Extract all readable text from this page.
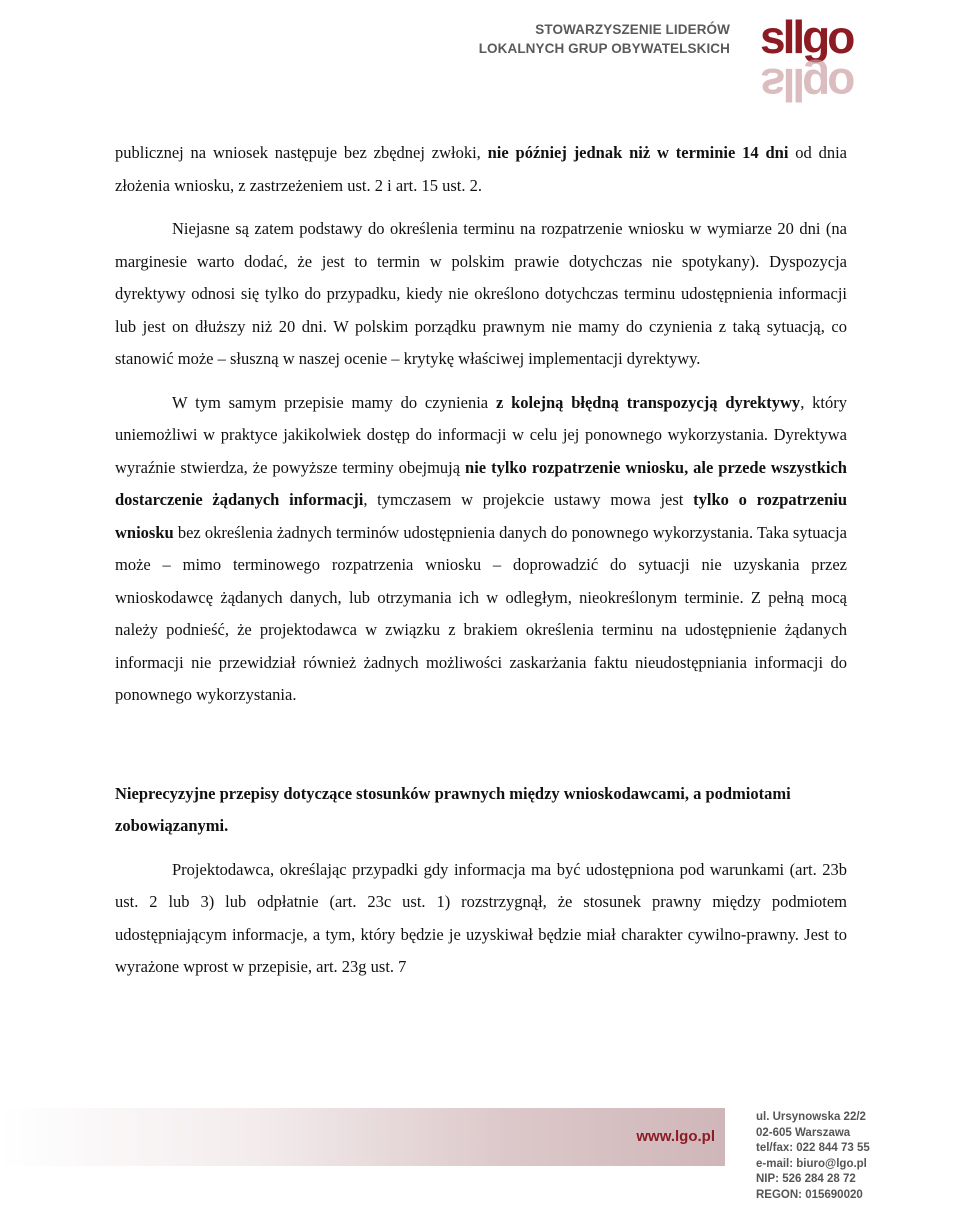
STOWARZYSZENIE LIDERÓW
LOKALNYCH GRUP OBYWATELSKICH sllgo
sllgo

publicznej na wniosek następuje bez zbędnej zwłoki, nie później jednak niż w terminie 14 dni od dnia złożenia wniosku, z zastrzeżeniem ust. 2 i art. 15 ust. 2.

Niejasne są zatem podstawy do określenia terminu na rozpatrzenie wniosku w wymiarze 20 dni (na marginesie warto dodać, że jest to termin w polskim prawie dotychczas nie spotykany). Dyspozycja dyrektywy odnosi się tylko do przypadku, kiedy nie określono dotychczas terminu udostępnienia informacji lub jest on dłuższy niż 20 dni. W polskim porządku prawnym nie mamy do czynienia z taką sytuacją, co stanowić może – słuszną w naszej ocenie – krytykę właściwej implementacji dyrektywy.

W tym samym przepisie mamy do czynienia z kolejną błędną transpozycją dyrektywy, który uniemożliwi w praktyce jakikolwiek dostęp do informacji w celu jej ponownego wykorzystania. Dyrektywa wyraźnie stwierdza, że powyższe terminy obejmują nie tylko rozpatrzenie wniosku, ale przede wszystkich dostarczenie żądanych informacji, tymczasem w projekcie ustawy mowa jest tylko o rozpatrzeniu wniosku bez określenia żadnych terminów udostępnienia danych do ponownego wykorzystania. Taka sytuacja może – mimo terminowego rozpatrzenia wniosku – doprowadzić do sytuacji nie uzyskania przez wnioskodawcę żądanych danych, lub otrzymania ich w odległym, nieokreślonym terminie. Z pełną mocą należy podnieść, że projektodawca w związku z brakiem określenia terminu na udostępnienie żądanych informacji nie przewidział również żadnych możliwości zaskarżania faktu nieudostępniania informacji do ponownego wykorzystania.

Nieprecyzyjne przepisy dotyczące stosunków prawnych między wnioskodawcami, a podmiotami zobowiązanymi.

Projektodawca, określając przypadki gdy informacja ma być udostępniona pod warunkami (art. 23b ust. 2 lub 3) lub odpłatnie (art. 23c ust. 1) rozstrzygnął, że stosunek prawny między podmiotem udostępniającym informacje, a tym, który będzie je uzyskiwał będzie miał charakter cywilno-prawny. Jest to wyrażone wprost w przepisie, art. 23g ust. 7

www.lgo.pl
ul. Ursynowska 22/2
02-605 Warszawa
tel/fax: 022 844 73 55
e-mail: biuro@lgo.pl
NIP: 526 284 28 72
REGON: 015690020
